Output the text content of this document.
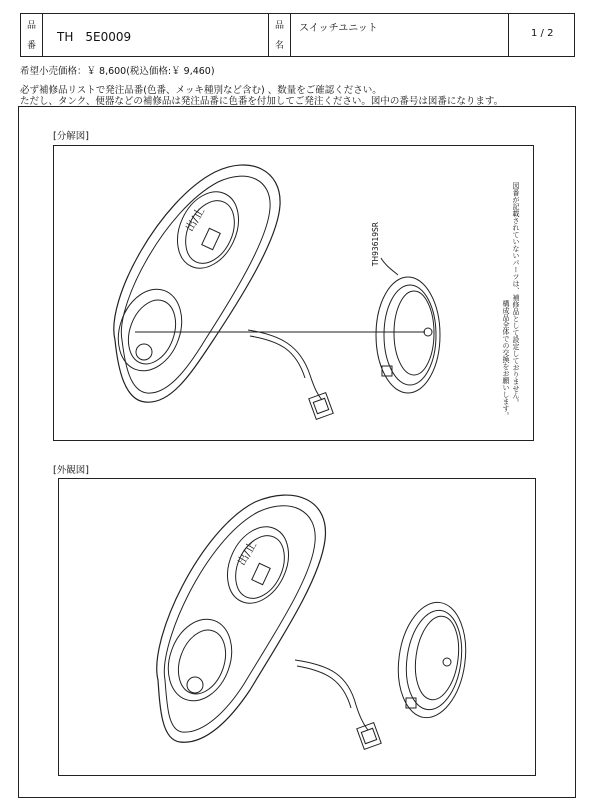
品
番
TH　5E0009
品
名
スイッチユニット	1 / 2
希望小売価格：￥ 8,600(税込価格:￥ 9,460)
必ず補修品リストで発注品番(色番、メッキ種別など含む) 、数量をご確認ください。
ただし、タンク、便器などの補修品は発注品番に色番を付加してご発注ください。図中の番号は図番になります。
[分解図]
[外観図]
図番が記載されていないパーツは、補修品として設定しておりません。
構成品全体での交換をお願いします。
TH93619SR
出/止
出/止
